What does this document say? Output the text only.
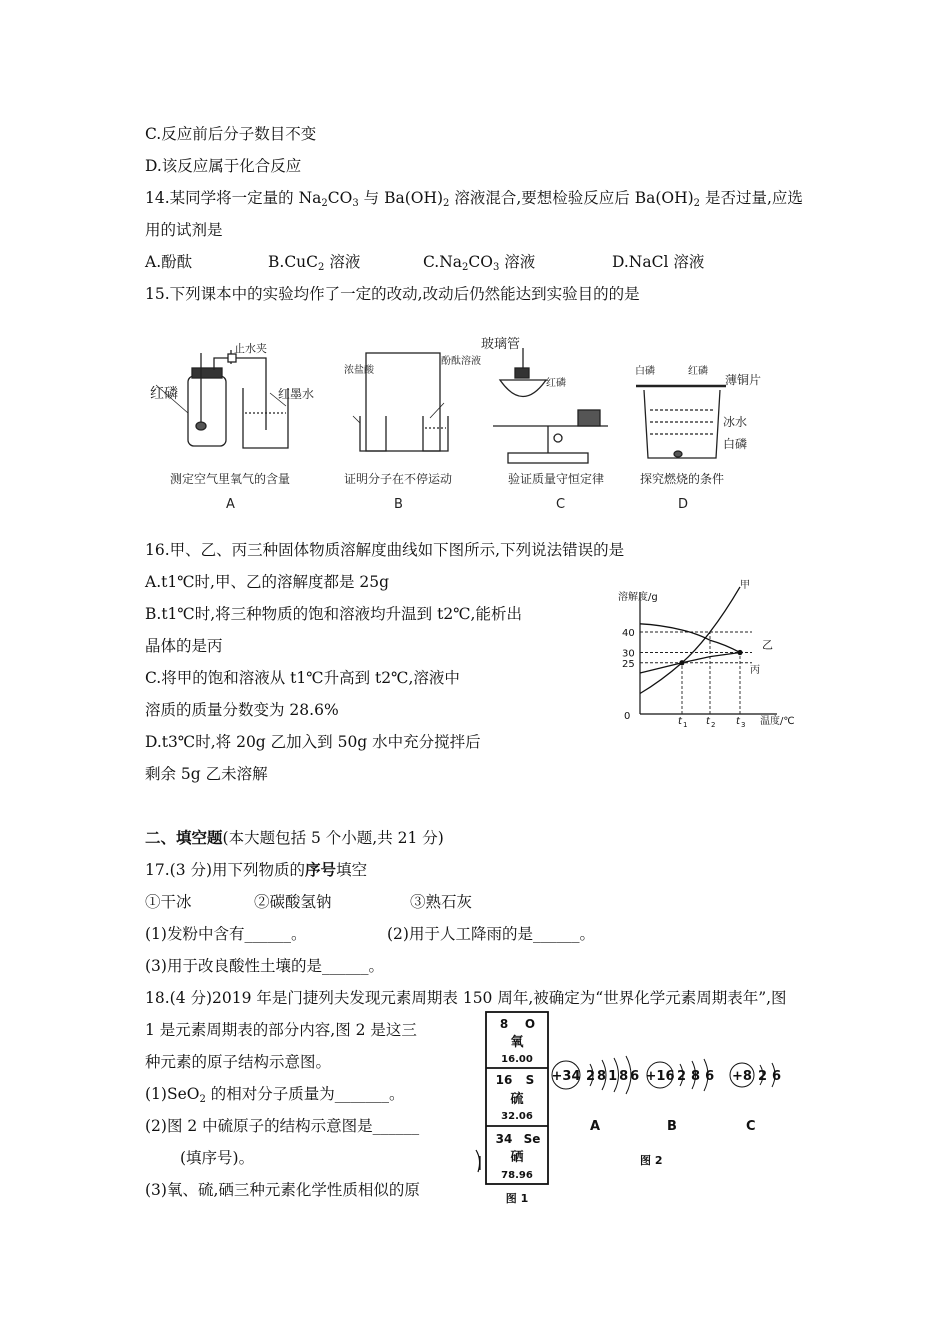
C.反应前后分子数目不变
D.该反应属于化合反应
14.某同学将一定量的 $Na_2CO_3$ 与 $Ba(OH)_2$ 溶液混合,要想检验反应后 $Ba(OH)_2$ 是否过量,应选
用的试剂是
A.酚酞	B.CuC$_2$ 溶液	$C.Na_2CO_3$ 溶液	D.NaCl 溶液
15.下列课本中的实验均作了一定的改动,改动后仍然能达到实验目的的是
止水夹
红磷	红墨水
测定空气里氧气的含量
A
浓盐酸
酚酞溶液
证明分子在不停运动
B
玻璃管
红磷
验证质量守恒定律
C
白磷	红磷
薄铜片
冰水
白磷
探究燃烧的条件
D
16.甲、乙、丙三种固体物质溶解度曲线如下图所示,下列说法错误的是
A.t1℃时,甲、乙的溶解度都是 25g
B.t1℃时,将三种物质的饱和溶液均升温到 t2℃,能析出
晶体的是丙
C.将甲的饱和溶液从 t1℃升高到 t2℃,溶液中
溶质的质量分数变为 28.6%
D.t3℃时,将 20g 乙加入到 50g 水中充分搅拌后
剩余 5g 乙未溶解
溶解度/g
温度/℃
0
40
30
25
t 1 t 2 t 3
甲
乙
丙
二、填空题(本大题包括 5 个小题,共 21 分)
17.(3 分)用下列物质的序号填空
①干冰	②碳酸氢钠	③熟石灰
(1)发粉中含有______。	(2)用于人工降雨的是______。
(3)用于改良酸性土壤的是______。
18.(4 分)2019 年是门捷列夫发现元素周期表 150 周年,被确定为“世界化学元素周期表年”,图
1 是元素周期表的部分内容,图 2 是这三
种元素的原子结构示意图。
(1)SeO$_2$ 的相对分子质量为_______。
(2)图 2 中硫原子的结构示意图是______
(填序号)。
(3)氧、硫,硒三种元素化学性质相似的原
8 O
氧
16.00
16 S
硫
32.06
34 Se
硒
78.96
图 1
+34 28186 +16 286 +8 26
A	B	C
图 2
